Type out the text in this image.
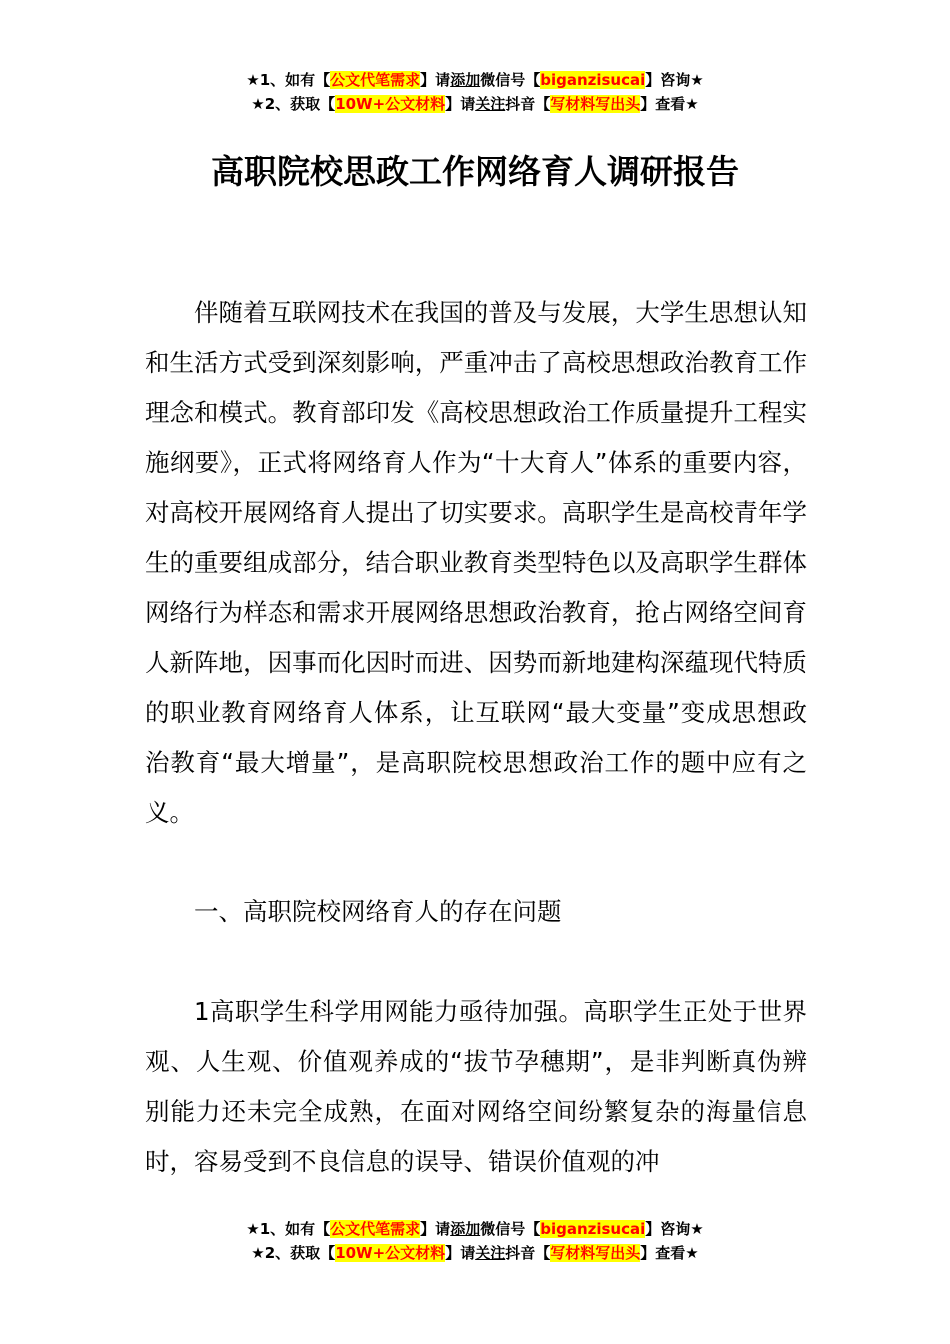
★1、如有【公文代笔需求】请添加微信号【biganzisucai】咨询★
★2、获取【10W+公文材料】请关注抖音【写材料写出头】查看★
高职院校思政工作网络育人调研报告
伴随着互联网技术在我国的普及与发展，大学生思想认知和生活方式受到深刻影响，严重冲击了高校思想政治教育工作理念和模式。教育部印发《高校思想政治工作质量提升工程实施纲要》，正式将网络育人作为“十大育人”体系的重要内容，对高校开展网络育人提出了切实要求。高职学生是高校青年学生的重要组成部分，结合职业教育类型特色以及高职学生群体网络行为样态和需求开展网络思想政治教育，抢占网络空间育人新阵地，因事而化因时而进、因势而新地建构深蕴现代特质的职业教育网络育人体系，让互联网“最大变量”变成思想政治教育“最大增量”，是高职院校思想政治工作的题中应有之义。
一、高职院校网络育人的存在问题
1高职学生科学用网能力亟待加强。高职学生正处于世界观、人生观、价值观养成的“拔节孕穗期”，是非判断真伪辨别能力还未完全成熟，在面对网络空间纷繁复杂的海量信息时，容易受到不良信息的误导、错误价值观的冲
★1、如有【公文代笔需求】请添加微信号【biganzisucai】咨询★
★2、获取【10W+公文材料】请关注抖音【写材料写出头】查看★
